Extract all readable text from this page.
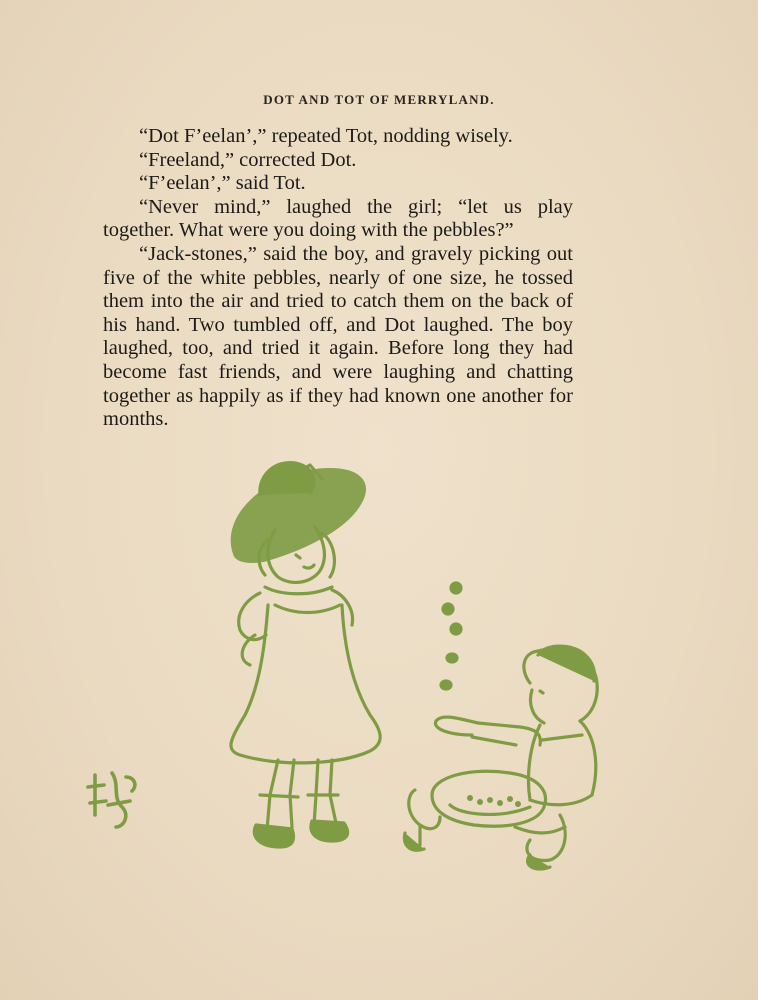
DOT AND TOT OF MERRYLAND.

“Dot F’eelan’,” repeated Tot, nodding wisely.

“Freeland,” corrected Dot.

“F’eelan’,” said Tot.

“Never mind,” laughed the girl; “let us play together. What were you doing with the pebbles?”

“Jack-stones,” said the boy, and gravely picking out five of the white pebbles, nearly of one size, he tossed them into the air and tried to catch them on the back of his hand. Two tumbled off, and Dot laughed. The boy laughed, too, and tried it again. Before long they had become fast friends, and were laughing and chatting together as happily as if they had known one another for months.
